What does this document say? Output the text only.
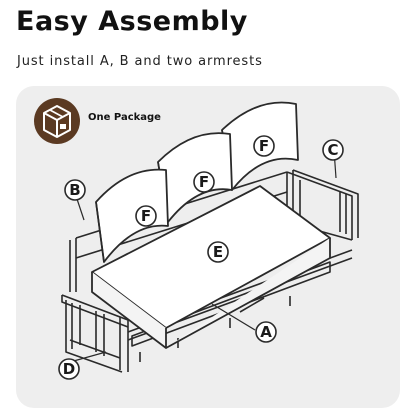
Easy Assembly
Just install A, B and two armrests
B
C
D
A
E
F
F
F
One Package
